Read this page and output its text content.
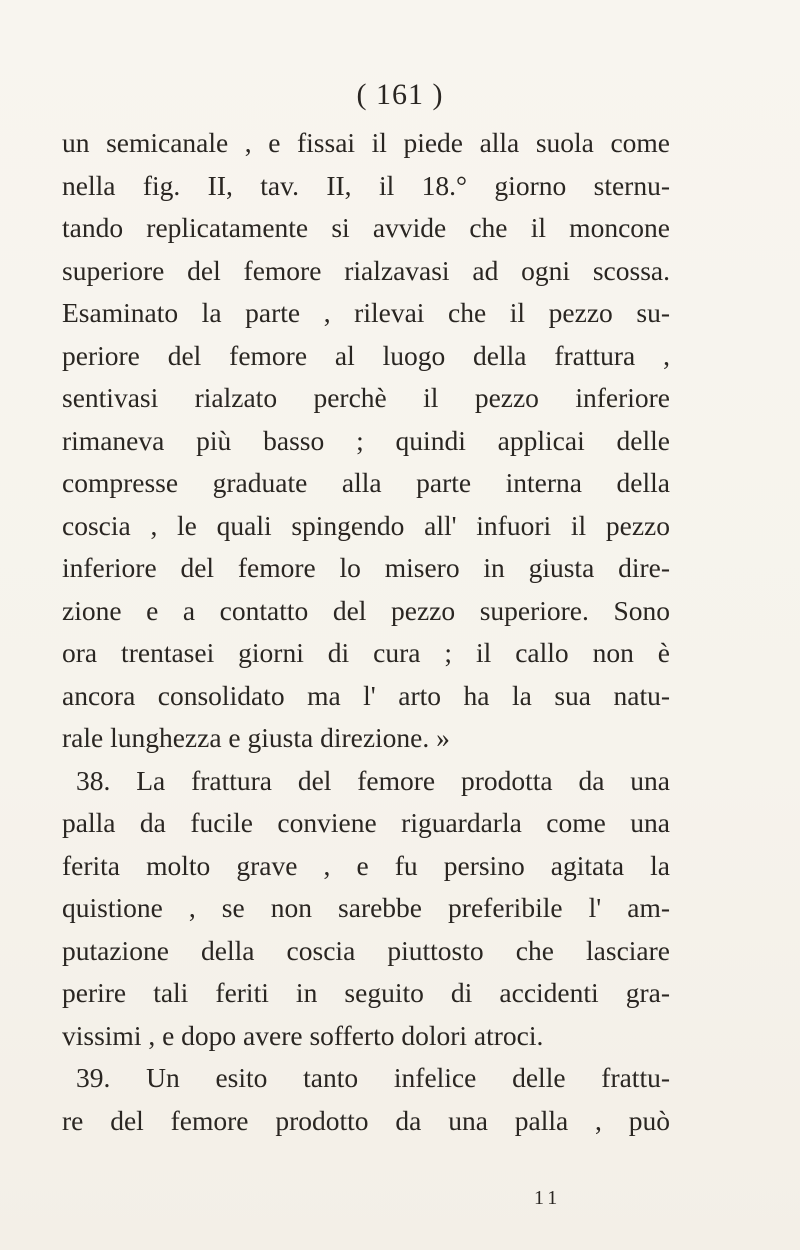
( 161 )
un semicanale , e fissai il piede alla suola come
nella fig. II, tav. II, il 18.° giorno sternu-
tando replicatamente si avvide che il moncone
superiore del femore rialzavasi ad ogni scossa.
Esaminato la parte , rilevai che il pezzo su-
periore del femore al luogo della frattura ,
sentivasi rialzato perchè il pezzo inferiore
rimaneva più basso ; quindi applicai delle
compresse graduate alla parte interna della
coscia , le quali spingendo all' infuori il pezzo
inferiore del femore lo misero in giusta dire-
zione e a contatto del pezzo superiore. Sono
ora trentasei giorni di cura ; il callo non è
ancora consolidato ma l' arto ha la sua natu-
rale lunghezza e giusta direzione. »
38. La frattura del femore prodotta da una
palla da fucile conviene riguardarla come una
ferita molto grave , e fu persino agitata la
quistione , se non sarebbe preferibile l' am-
putazione della coscia piuttosto che lasciare
perire tali feriti in seguito di accidenti gra-
vissimi , e dopo avere sofferto dolori atroci.
39. Un esito tanto infelice delle frattu-
re del femore prodotto da una palla , può
11
